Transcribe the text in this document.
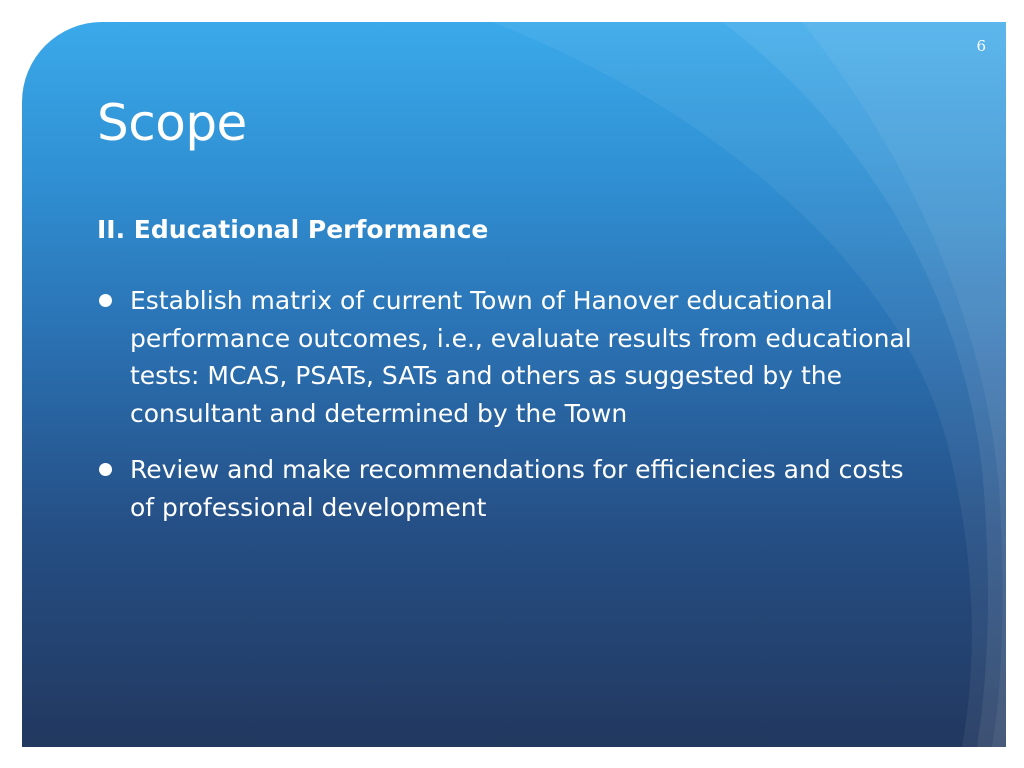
6
Scope
II. Educational Performance
Establish matrix of current Town of Hanover educational performance outcomes, i.e., evaluate results from educational tests: MCAS, PSATs, SATs and others as suggested by the consultant and determined by the Town
Review and make recommendations for efficiencies and costs of professional development
